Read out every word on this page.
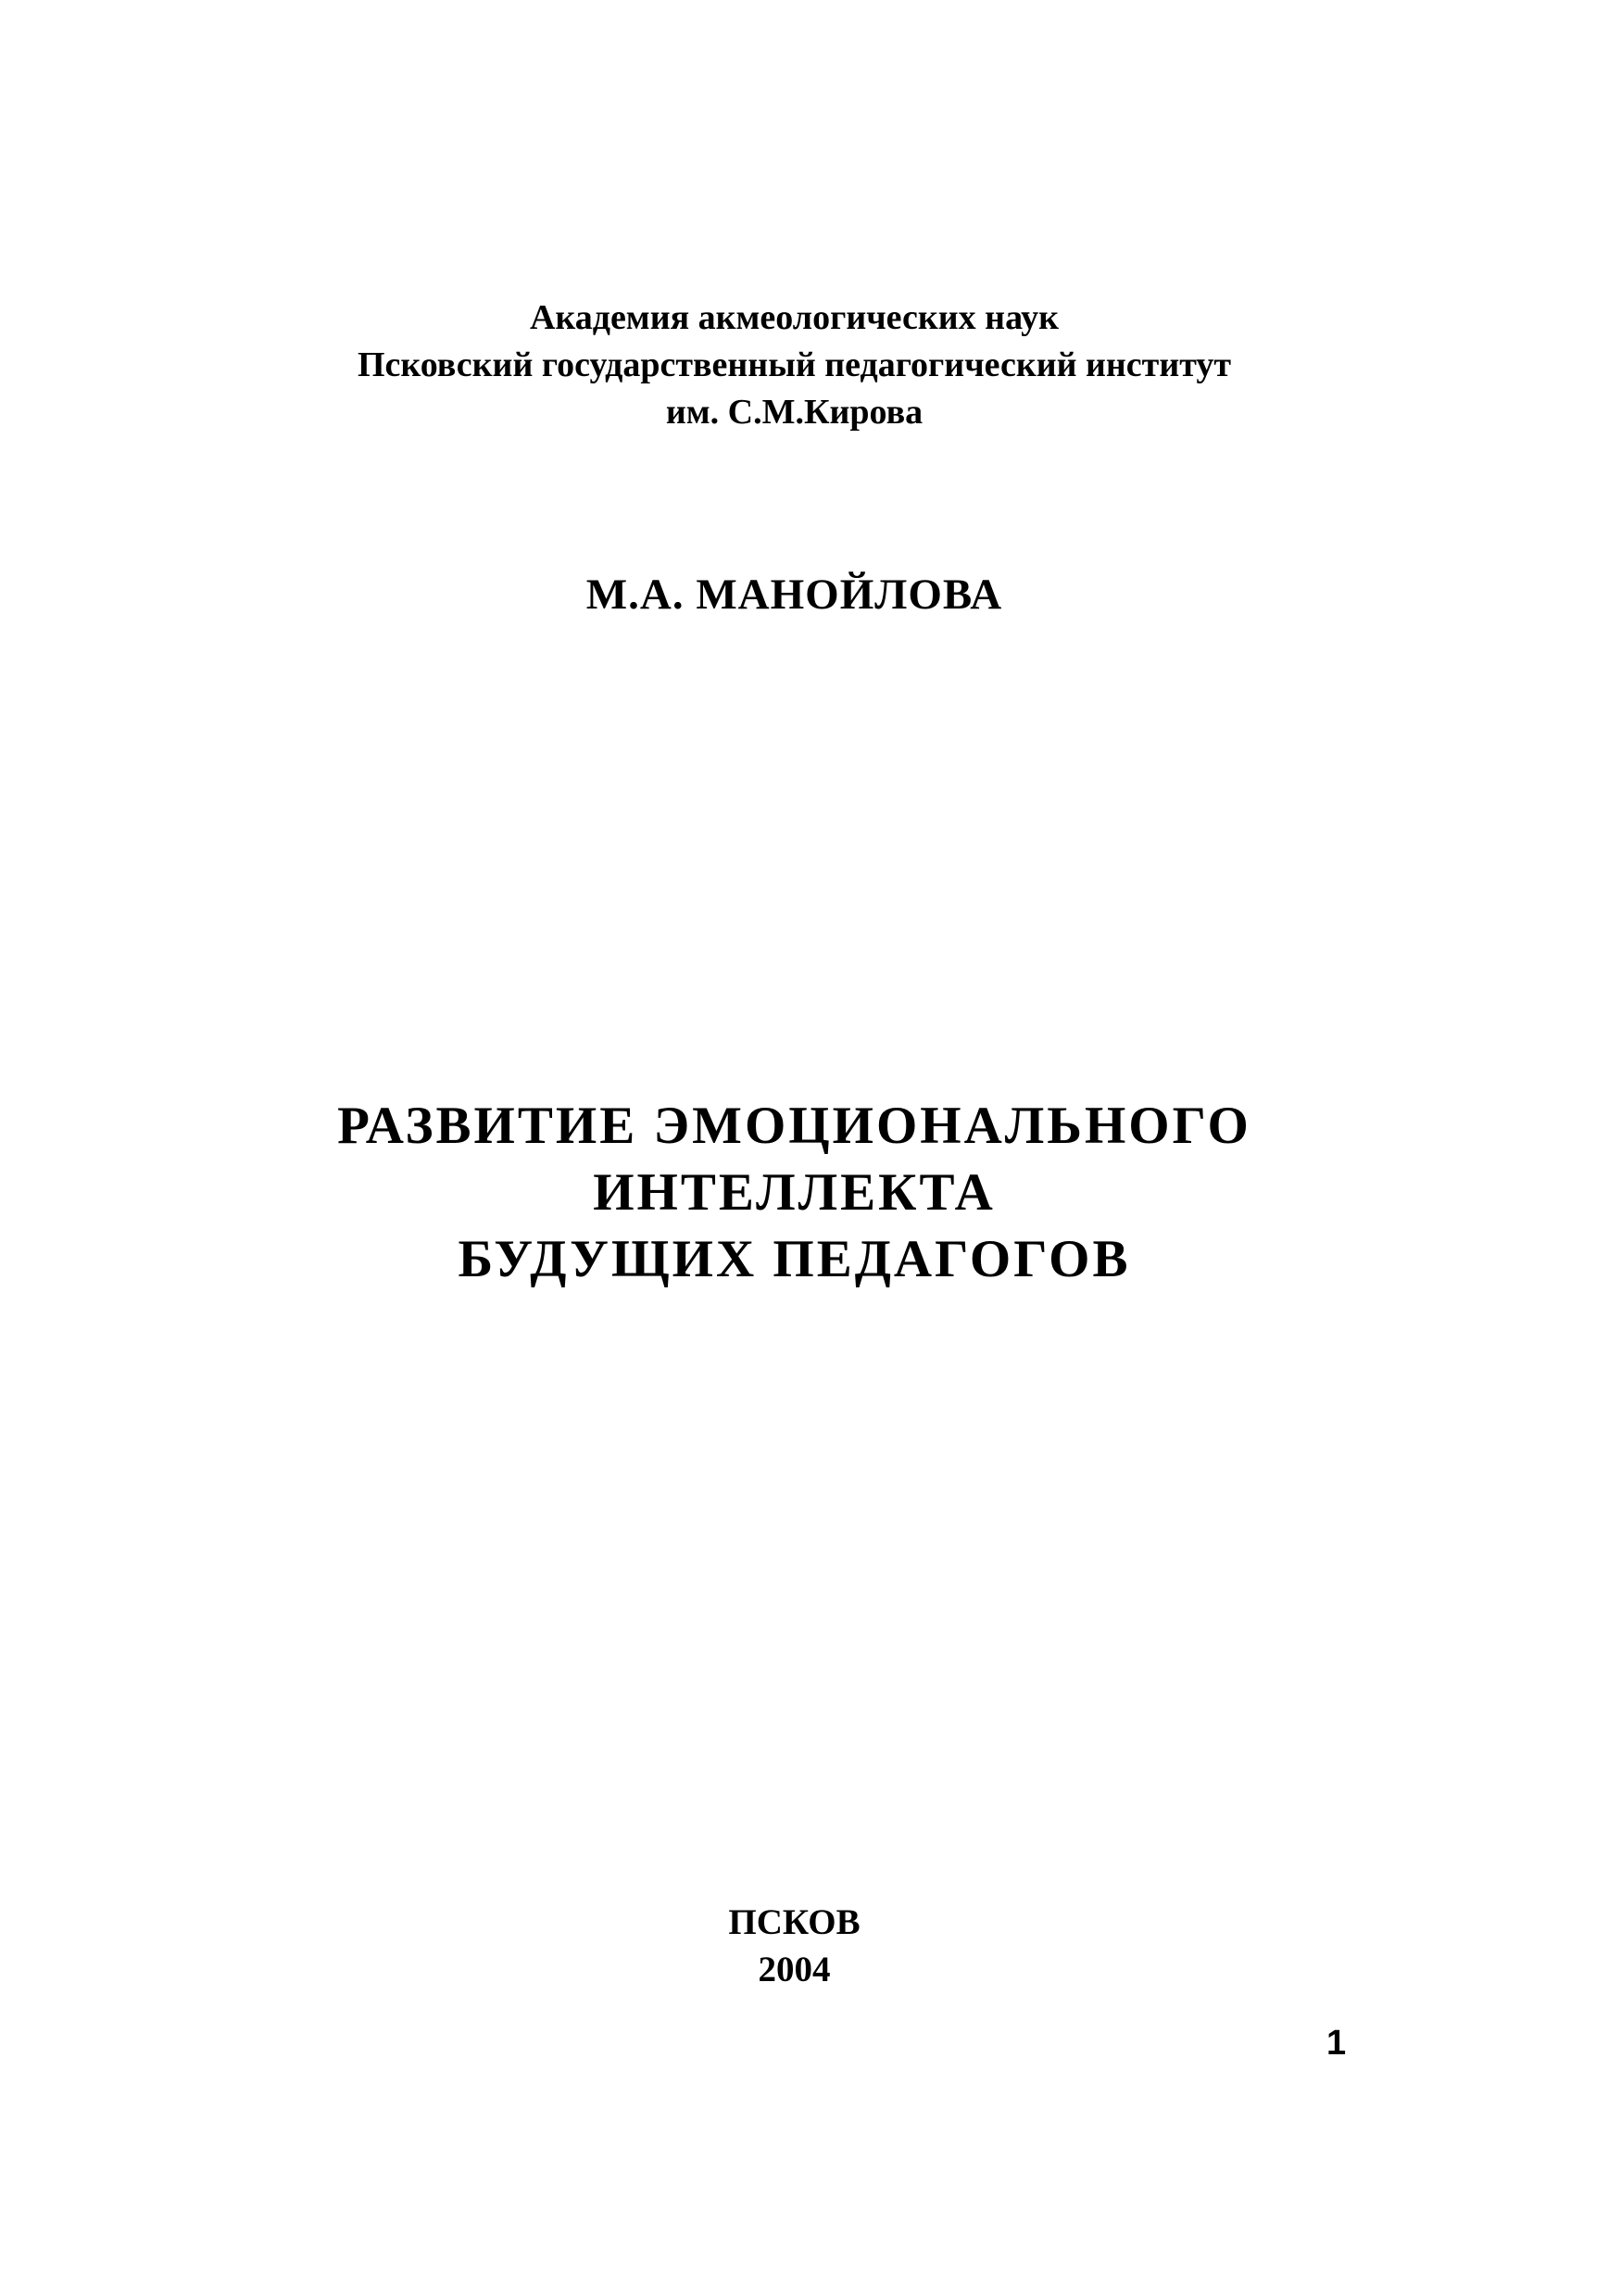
Академия акмеологических наук
Псковский государственный педагогический институт
им. С.М.Кирова
М.А. МАНОЙЛОВА
РАЗВИТИЕ ЭМОЦИОНАЛЬНОГО
ИНТЕЛЛЕКТА
БУДУЩИХ ПЕДАГОГОВ
ПСКОВ
2004
1
